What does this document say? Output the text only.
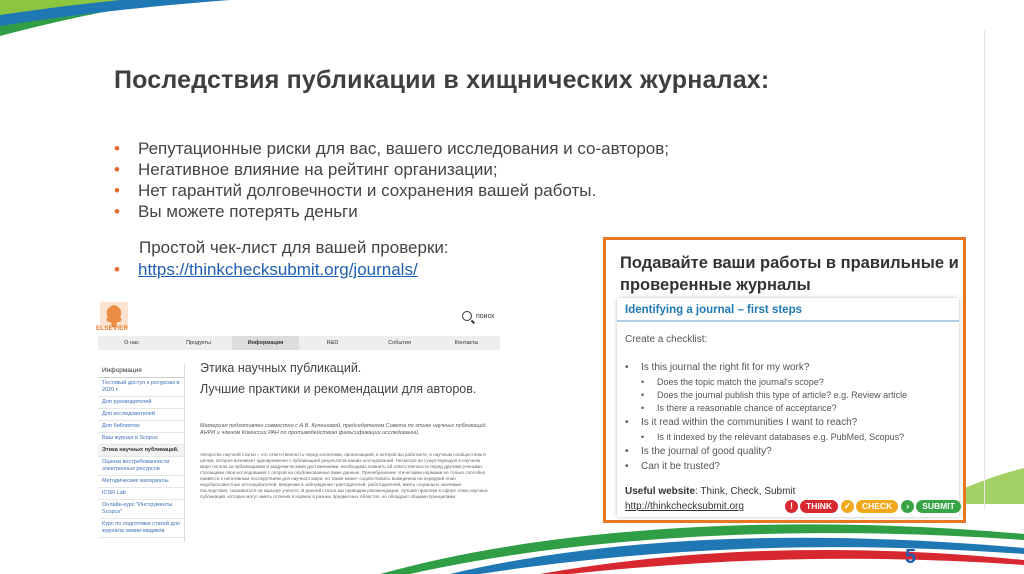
Последствия публикации в хищнических журналах:
• Репутационные риски для вас, вашего исследования и со-авторов;
• Негативное влияние на рейтинг организации;
• Нет гарантий долговечности и сохранения вашей работы.
• Вы можете потерять деньги
Простой чек-лист для вашей проверки:
• https://thinkchecksubmit.org/journals/
ELSEVIER
поиск
О нас	Продукты	Информация	R&D	События	Контакты
Информация
Тестовый доступ к ресурсам в 2020 г.
Для руководителей
Для исследователей
Для библиотек
Ваш журнал в Scopus
Этика научных публикаций.
Оценка востребованности электронных ресурсов
Методические материалы
ICSR Lab
Онлайн-курс "Инструменты Scopus"
Курс по подготовке статей для журнала химии-медиков
Этика научных публикаций.
Лучшие практики и рекомендации для авторов.
Материал подготовлен совместно с А.В. Кулешовой, председателем Совета по этике научных публикаций АНРИ и членом Комиссии РАН по противодействию фальсификации исследований.
Авторство научной статьи – это ответственность перед коллегами, организацией, в которой вы работаете, и научным сообществом в целом, которое возникает одновременно с публикацией результатов ваших исследований. Несмотря на существующую в научном мире погоню за публикациями и академическими достижениями, необходимо помнить об ответственности перед другими учеными, строящими свои исследования с опорой на опубликованные вами данные. Пренебрежение этическими нормами не только способно привести к негативным последствиям для научного мира, но также может содействовать выведению на передний план недобросовестных исследователей, введению в заблуждение грантодателей, работодателей, иметь социально значимые последствия, сказываться на карьере ученого. В данной статье мы приводим рекомендации, лучшие практики в сфере этики научных публикаций, которые могут иметь отличия в нормах в разных предметных областях, но обладают общими принципами.
Подавайте ваши работы в правильные и проверенные журналы
Identifying a journal – first steps
Create a checklist:
• Is this journal the right fit for my work?
• Does the topic match the journal's scope?
• Does the journal publish this type of article? e.g. Review article
• Is there a reasonable chance of acceptance?
• Is it read within the communities I want to reach?
• Is it indexed by the relevant databases e.g. PubMed, Scopus?
• Is the journal of good quality?
• Can it be trusted?
Useful website: Think, Check, Submit
http://thinkchecksubmit.org	!	THINK	✓	CHECK	›	SUBMIT
5
